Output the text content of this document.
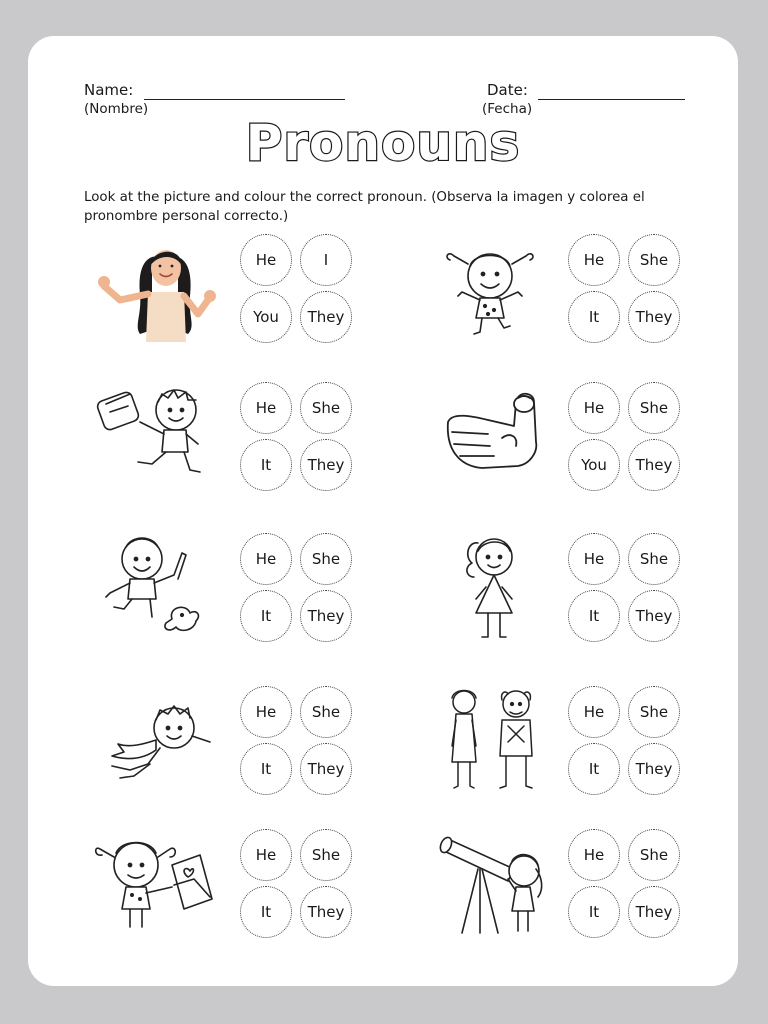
Name:
(Nombre)
Date:
(Fecha)
Pronouns
Look at the picture and colour the correct pronoun. (Observa la imagen y colorea el pronombre personal correcto.)
He	I
You	They
He	She
It	They
He	She
It	They
He	She
You	They
He	She
It	They
He	She
It	They
He	She
It	They
He	She
It	They
He	She
It	They
He	She
It	They
